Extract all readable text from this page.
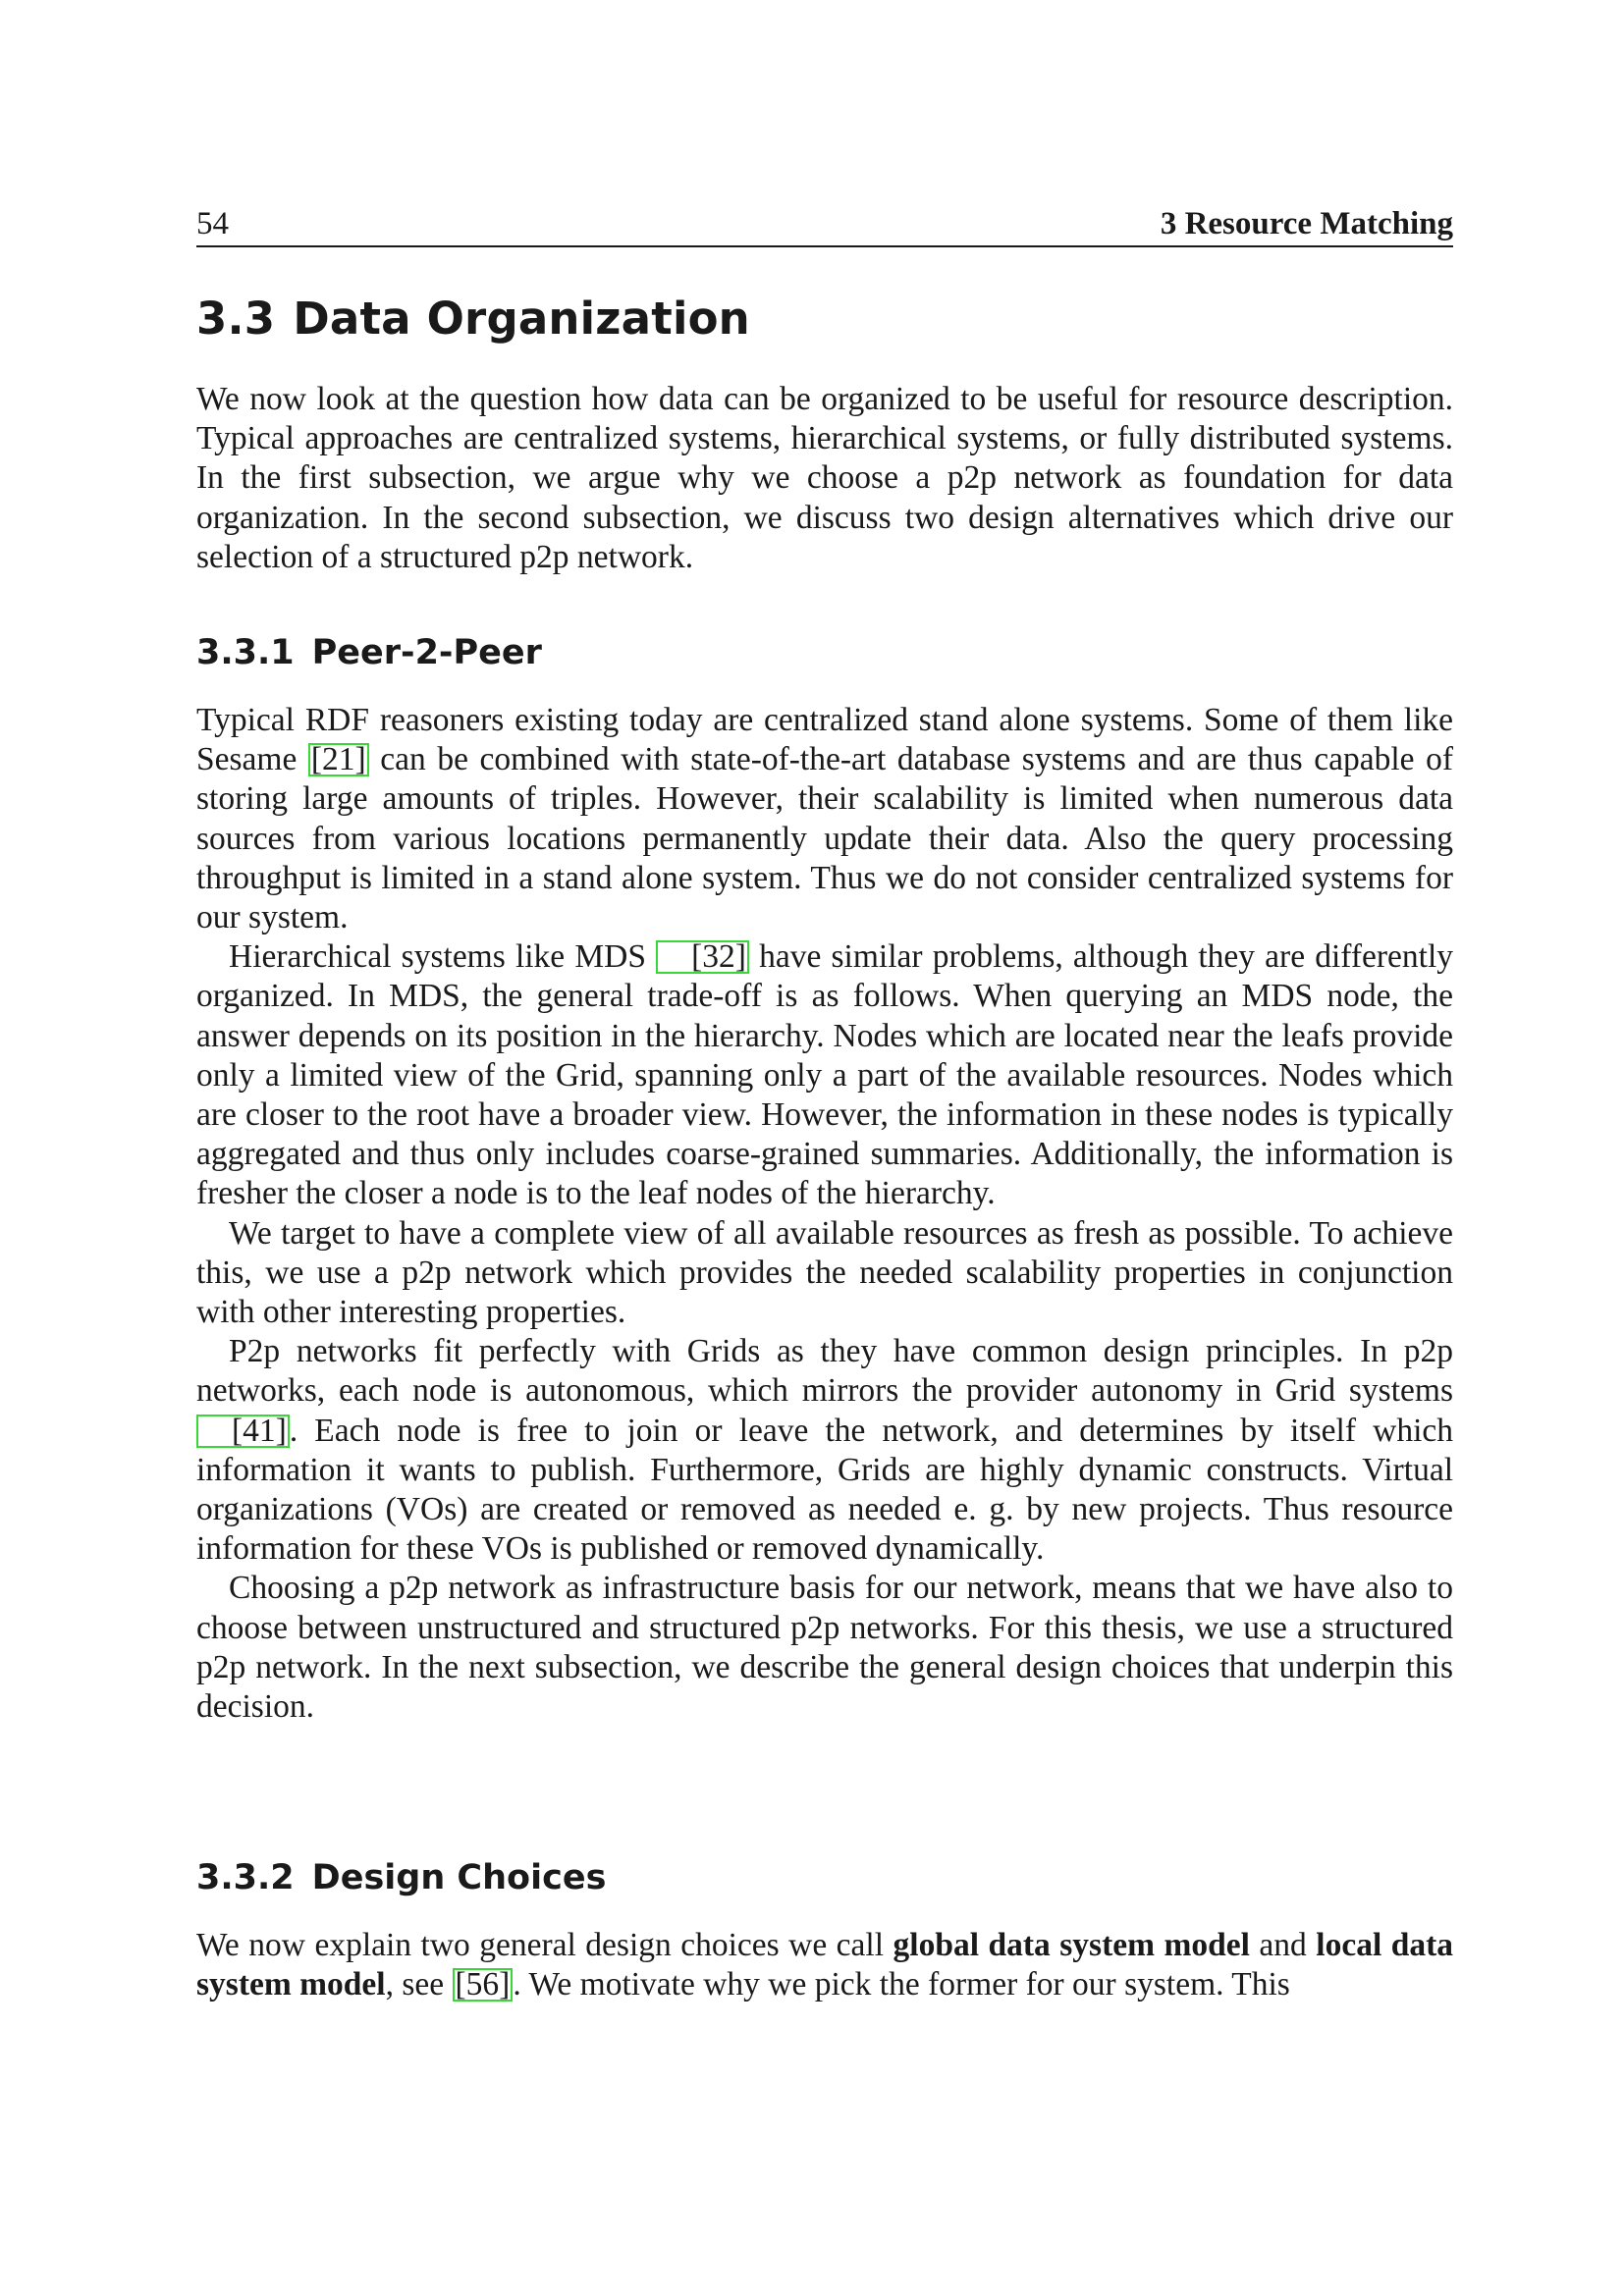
54	3 Resource Matching
3.3 Data Organization

We now look at the question how data can be organized to be useful for resource description. Typical approaches are centralized systems, hierarchical systems, or fully distributed systems. In the first subsection, we argue why we choose a p2p network as foundation for data organization. In the second subsection, we discuss two design alternatives which drive our selection of a structured p2p network.

3.3.1 Peer-2-Peer

Typical RDF reasoners existing today are centralized stand alone systems. Some of them like Sesame [21] can be combined with state-of-the-art database systems and are thus capable of storing large amounts of triples. However, their scalability is limited when numerous data sources from various locations permanently update their data. Also the query processing throughput is limited in a stand alone system. Thus we do not consider centralized systems for our system.

Hierarchical systems like MDS [32] have similar problems, although they are differently organized. In MDS, the general trade-off is as follows. When querying an MDS node, the answer depends on its position in the hierarchy. Nodes which are located near the leafs provide only a limited view of the Grid, spanning only a part of the available resources. Nodes which are closer to the root have a broader view. However, the information in these nodes is typically aggregated and thus only includes coarse-grained summaries. Additionally, the information is fresher the closer a node is to the leaf nodes of the hierarchy.

We target to have a complete view of all available resources as fresh as possible. To achieve this, we use a p2p network which provides the needed scalability properties in conjunction with other interesting properties.

P2p networks fit perfectly with Grids as they have common design principles. In p2p networks, each node is autonomous, which mirrors the provider autonomy in Grid systems [41]. Each node is free to join or leave the network, and determines by itself which information it wants to publish. Furthermore, Grids are highly dynamic constructs. Virtual organizations (VOs) are created or removed as needed e. g. by new projects. Thus resource information for these VOs is published or removed dynamically.

Choosing a p2p network as infrastructure basis for our network, means that we have also to choose between unstructured and structured p2p networks. For this thesis, we use a structured p2p network. In the next subsection, we describe the general design choices that underpin this decision.

3.3.2 Design Choices

We now explain two general design choices we call global data system model and local data system model, see [56]. We motivate why we pick the former for our system. This
